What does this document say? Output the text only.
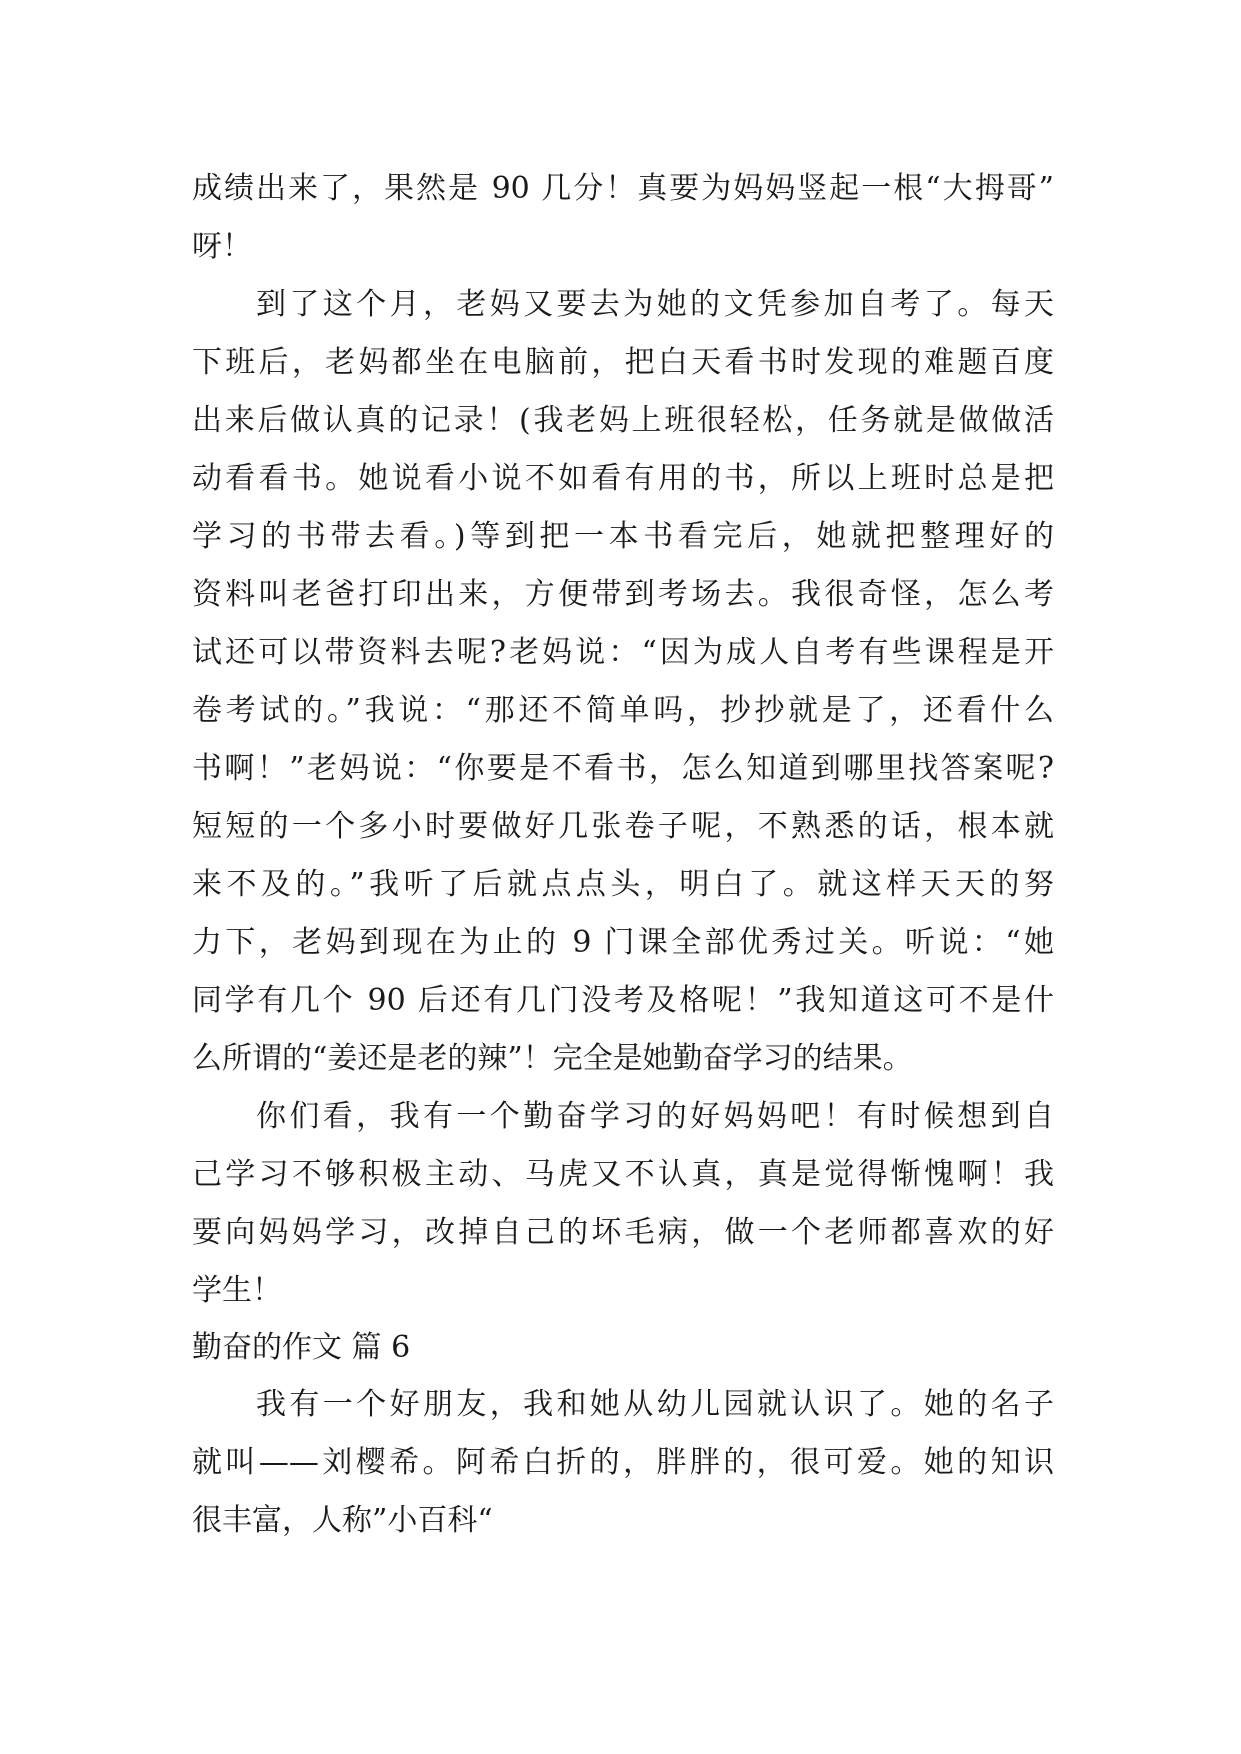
成绩出来了，果然是 90 几分！真要为妈妈竖起一根“大拇哥”
呀！
到了这个月，老妈又要去为她的文凭参加自考了。每天
下班后，老妈都坐在电脑前，把白天看书时发现的难题百度
出来后做认真的记录！(我老妈上班很轻松，任务就是做做活
动看看书。她说看小说不如看有用的书，所以上班时总是把
学习的书带去看。)等到把一本书看完后，她就把整理好的
资料叫老爸打印出来，方便带到考场去。我很奇怪，怎么考
试还可以带资料去呢?老妈说：“因为成人自考有些课程是开
卷考试的。”我说：“那还不简单吗，抄抄就是了，还看什么
书啊！”老妈说：“你要是不看书，怎么知道到哪里找答案呢?
短短的一个多小时要做好几张卷子呢，不熟悉的话，根本就
来不及的。”我听了后就点点头，明白了。就这样天天的努
力下，老妈到现在为止的 9 门课全部优秀过关。听说：“她
同学有几个 90 后还有几门没考及格呢！”我知道这可不是什
么所谓的“姜还是老的辣”！完全是她勤奋学习的结果。
你们看，我有一个勤奋学习的好妈妈吧！有时候想到自
己学习不够积极主动、马虎又不认真，真是觉得惭愧啊！我
要向妈妈学习，改掉自己的坏毛病，做一个老师都喜欢的好
学生！
勤奋的作文 篇 6
我有一个好朋友，我和她从幼儿园就认识了。她的名子
就叫——刘樱希。阿希白折的，胖胖的，很可爱。她的知识
很丰富，人称”小百科“
